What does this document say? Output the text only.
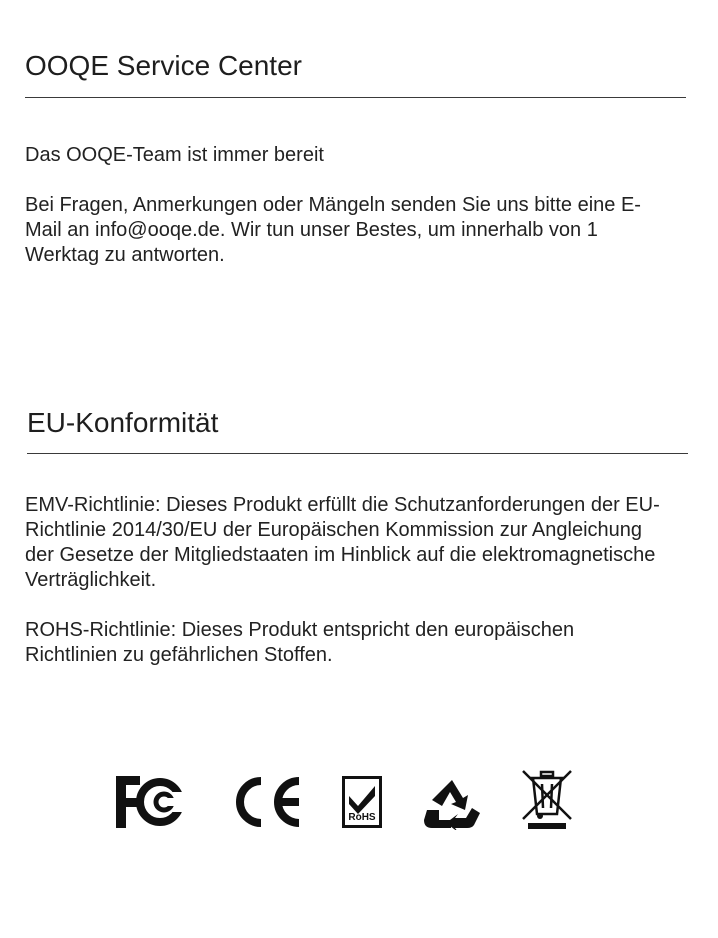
OOQE Service Center

Das OOQE-Team ist immer bereit

Bei Fragen, Anmerkungen oder Mängeln senden Sie uns bitte eine E-Mail an info@ooqe.de. Wir tun unser Bestes, um innerhalb von 1 Werktag zu antworten.

EU-Konformität

EMV-Richtlinie: Dieses Produkt erfüllt die Schutzanforderungen der EU-Richtlinie 2014/30/EU der Europäischen Kommission zur Angleichung der Gesetze der Mitgliedstaaten im Hinblick auf die elektromagnetische Verträglichkeit.

ROHS-Richtlinie: Dieses Produkt entspricht den europäischen Richtlinien zu gefährlichen Stoffen.

RoHS
